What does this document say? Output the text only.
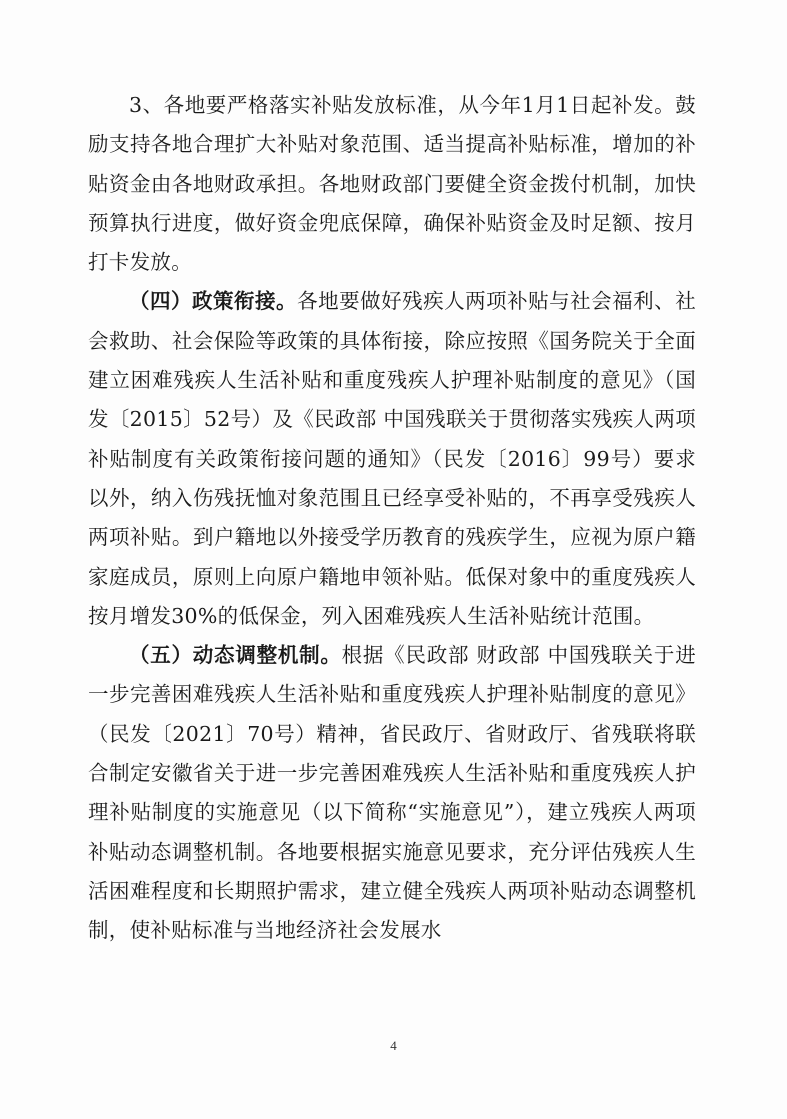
3、各地要严格落实补贴发放标准，从今年1月1日起补发。鼓励支持各地合理扩大补贴对象范围、适当提高补贴标准，增加的补贴资金由各地财政承担。各地财政部门要健全资金拨付机制，加快预算执行进度，做好资金兜底保障，确保补贴资金及时足额、按月打卡发放。

（四）政策衔接。各地要做好残疾人两项补贴与社会福利、社会救助、社会保险等政策的具体衔接，除应按照《国务院关于全面建立困难残疾人生活补贴和重度残疾人护理补贴制度的意见》（国发〔2015〕52号）及《民政部 中国残联关于贯彻落实残疾人两项补贴制度有关政策衔接问题的通知》（民发〔2016〕99号）要求以外，纳入伤残抚恤对象范围且已经享受补贴的，不再享受残疾人两项补贴。到户籍地以外接受学历教育的残疾学生，应视为原户籍家庭成员，原则上向原户籍地申领补贴。低保对象中的重度残疾人按月增发30%的低保金，列入困难残疾人生活补贴统计范围。

（五）动态调整机制。根据《民政部 财政部 中国残联关于进一步完善困难残疾人生活补贴和重度残疾人护理补贴制度的意见》（民发〔2021〕70号）精神，省民政厅、省财政厅、省残联将联合制定安徽省关于进一步完善困难残疾人生活补贴和重度残疾人护理补贴制度的实施意见（以下简称“实施意见”），建立残疾人两项补贴动态调整机制。各地要根据实施意见要求，充分评估残疾人生活困难程度和长期照护需求，建立健全残疾人两项补贴动态调整机制，使补贴标准与当地经济社会发展水

4
